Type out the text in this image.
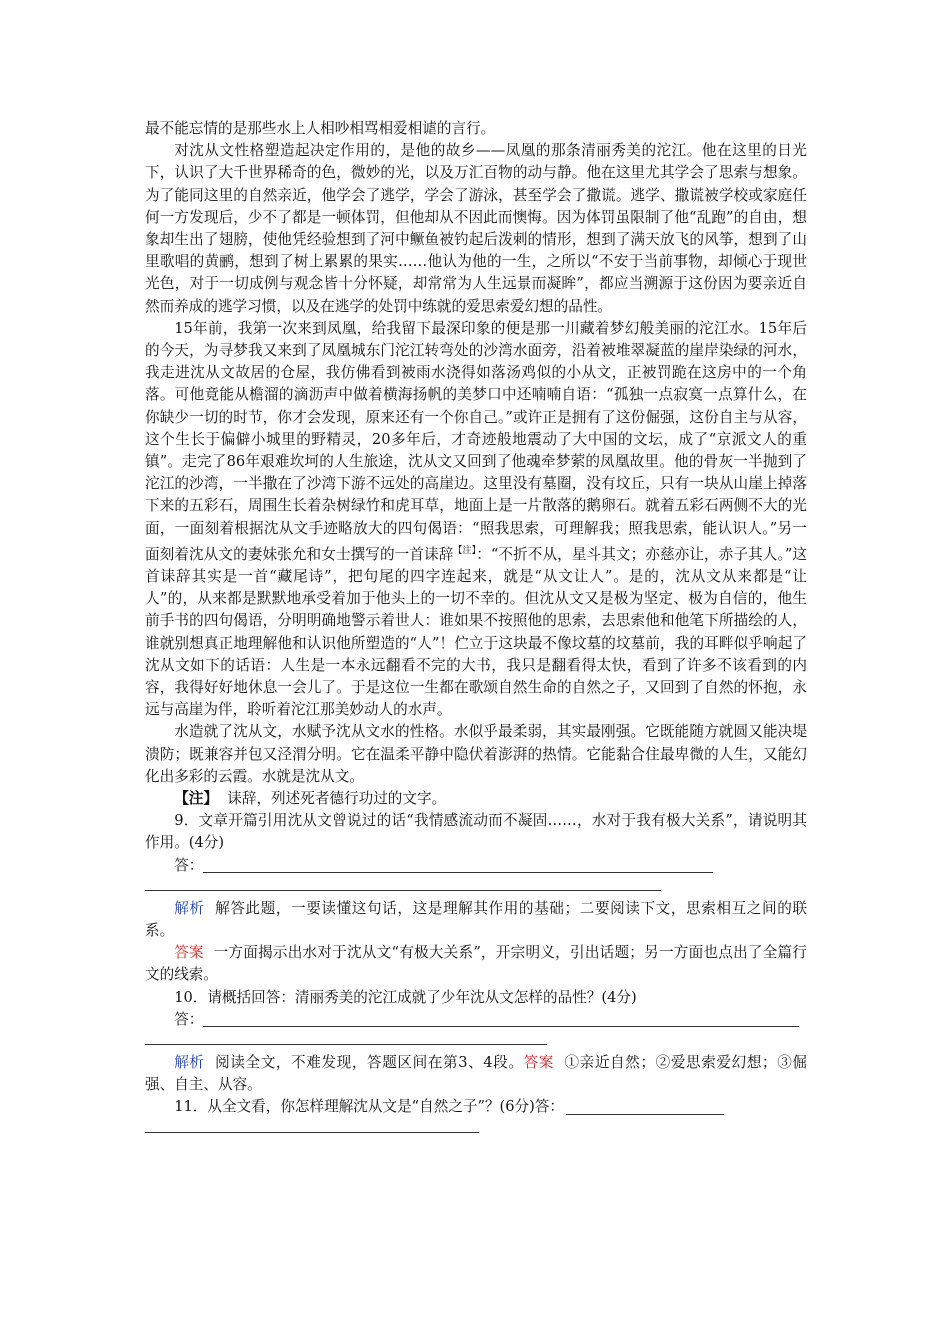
最不能忘情的是那些水上人相吵相骂相爱相谑的言行。

对沈从文性格塑造起决定作用的，是他的故乡——凤凰的那条清丽秀美的沱江。他在这里的日光下，认识了大千世界稀奇的色，微妙的光，以及万汇百物的动与静。他在这里尤其学会了思索与想象。为了能同这里的自然亲近，他学会了逃学，学会了游泳，甚至学会了撒谎。逃学、撒谎被学校或家庭任何一方发现后，少不了都是一顿体罚，但他却从不因此而懊悔。因为体罚虽限制了他“乱跑”的自由，想象却生出了翅膀，使他凭经验想到了河中鳜鱼被钓起后泼刺的情形，想到了满天放飞的风筝，想到了山里歌唱的黄鹂，想到了树上累累的果实……他认为他的一生，之所以“不安于当前事物，却倾心于现世光色，对于一切成例与观念皆十分怀疑，却常常为人生远景而凝眸”，都应当溯源于这份因为要亲近自然而养成的逃学习惯，以及在逃学的处罚中练就的爱思索爱幻想的品性。

15年前，我第一次来到凤凰，给我留下最深印象的便是那一川藏着梦幻般美丽的沱江水。15年后的今天，为寻梦我又来到了凤凰城东门沱江转弯处的沙湾水面旁，沿着被堆翠凝蓝的崖岸染绿的河水，我走进沈从文故居的仓屋，我仿佛看到被雨水浇得如落汤鸡似的小从文，正被罚跪在这房中的一个角落。可他竟能从檐溜的滴沥声中做着横海扬帆的美梦口中还喃喃自语：“孤独一点寂寞一点算什么，在你缺少一切的时节，你才会发现，原来还有一个你自己。”或许正是拥有了这份倔强，这份自主与从容，这个生长于偏僻小城里的野精灵，20多年后，才奇迹般地震动了大中国的文坛，成了“京派文人的重镇”。走完了86年艰难坎坷的人生旅途，沈从文又回到了他魂牵梦萦的凤凰故里。他的骨灰一半抛到了沱江的沙湾，一半撒在了沙湾下游不远处的高崖边。这里没有墓圈，没有坟丘，只有一块从山崖上掉落下来的五彩石，周围生长着杂树绿竹和虎耳草，地面上是一片散落的鹅卵石。就着五彩石两侧不大的光面，一面刻着根据沈从文手迹略放大的四句偈语：“照我思索，可理解我；照我思索，能认识人。”另一面刻着沈从文的妻妹张允和女士撰写的一首诔辞$^{【注】}$：“不折不从，星斗其文；亦慈亦让，赤子其人。”这首诔辞其实是一首“藏尾诗”，把句尾的四字连起来，就是“从文让人”。是的，沈从文从来都是“让人”的，从来都是默默地承受着加于他头上的一切不幸的。但沈从文又是极为坚定、极为自信的，他生前手书的四句偈语，分明明确地警示着世人：谁如果不按照他的思索，去思索他和他笔下所描绘的人，谁就别想真正地理解他和认识他所塑造的“人”！伫立于这块最不像坟墓的坟墓前，我的耳畔似乎响起了沈从文如下的话语：人生是一本永远翻看不完的大书，我只是翻看得太快，看到了许多不该看到的内容，我得好好地休息一会儿了。于是这位一生都在歌颂自然生命的自然之子，又回到了自然的怀抱，永远与高崖为伴，聆听着沱江那美妙动人的水声。

水造就了沈从文，水赋予沈从文水的性格。水似乎最柔弱，其实最刚强。它既能随方就圆又能决堤溃防；既兼容并包又泾渭分明。它在温柔平静中隐伏着澎湃的热情。它能黏合住最卑微的人生，又能幻化出多彩的云霞。水就是沈从文。

【注】 诔辞，列述死者德行功过的文字。

9．文章开篇引用沈从文曾说过的话“我情感流动而不凝固……，水对于我有极大关系”，请说明其作用。(4分)

答：

解析 解答此题，一要读懂这句话，这是理解其作用的基础；二要阅读下文，思索相互之间的联系。

答案 一方面揭示出水对于沈从文“有极大关系”，开宗明义，引出话题；另一方面也点出了全篇行文的线索。

10．请概括回答：清丽秀美的沱江成就了少年沈从文怎样的品性？(4分)

答：

解析 阅读全文，不难发现，答题区间在第3、4段。答案 ①亲近自然；②爱思索爱幻想；③倔强、自主、从容。

11．从全文看，你怎样理解沈从文是“自然之子”？(6分)答：
